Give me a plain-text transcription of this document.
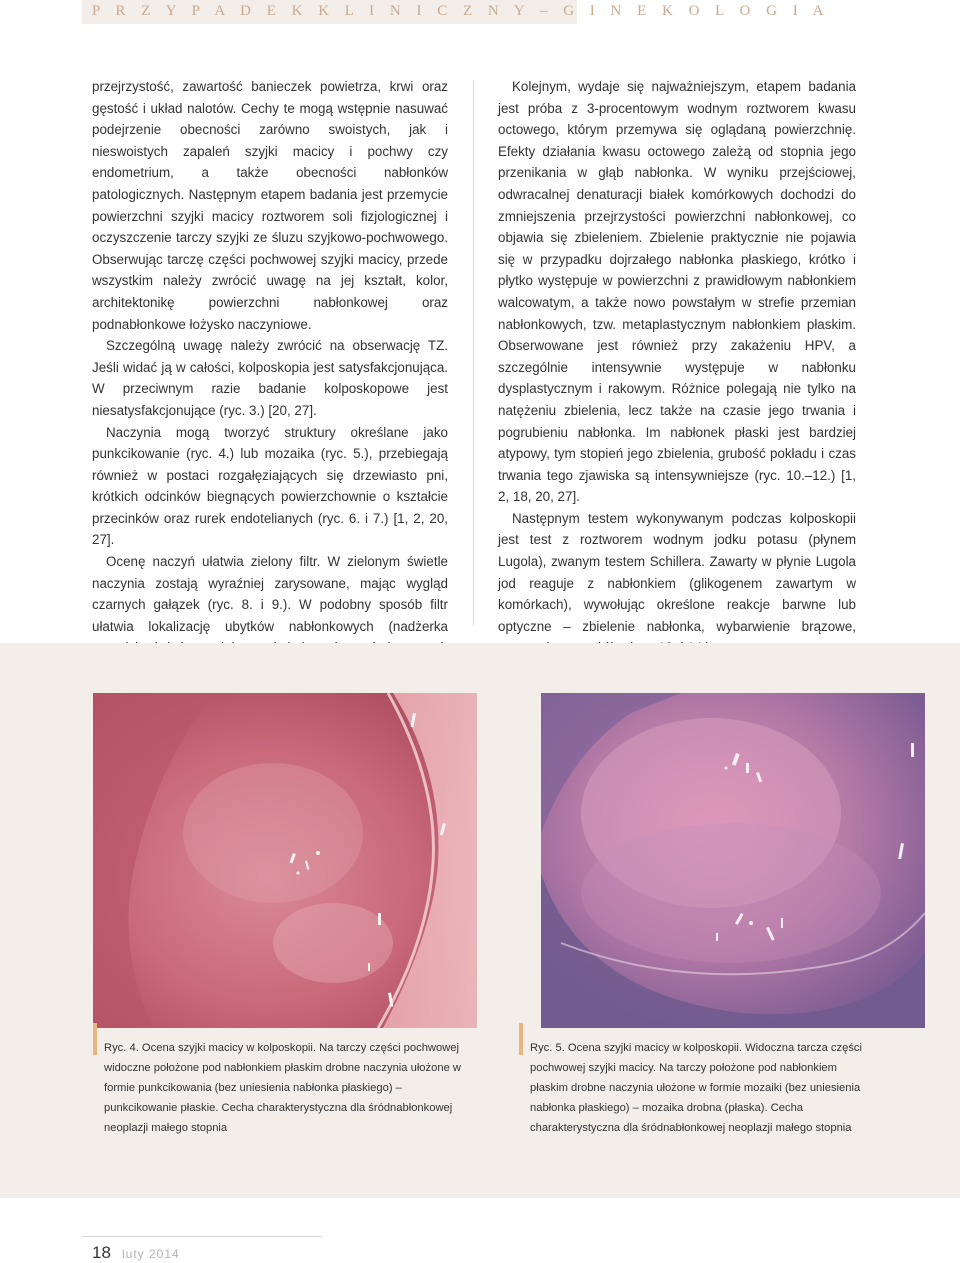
P R Z Y P A D E K K L I N I C Z N Y – G I N E K O L O G I A

przejrzystość, zawartość banieczek powietrza, krwi oraz gęstość i układ nalotów. Cechy te mogą wstępnie nasuwać podejrzenie obecności zarówno swoistych, jak i nieswoistych zapaleń szyjki macicy i pochwy czy endometrium, a także obecności nabłonków patologicznych. Następnym etapem badania jest przemycie powierzchni szyjki macicy roztworem soli fizjologicznej i oczyszczenie tarczy szyjki ze śluzu szyjkowo-pochwowego. Obserwując tarczę części pochwowej szyjki macicy, przede wszystkim należy zwrócić uwagę na jej kształt, kolor, architektonikę powierzchni nabłonkowej oraz podnabłonkowe łożysko naczyniowe.

Szczególną uwagę należy zwrócić na obserwację TZ. Jeśli widać ją w całości, kolposkopia jest satysfakcjonująca. W przeciwnym razie badanie kolposkopowe jest niesatysfakcjonujące (ryc. 3.) [20, 27].

Naczynia mogą tworzyć struktury określane jako punkcikowanie (ryc. 4.) lub mozaika (ryc. 5.), przebiegają również w postaci rozgałęziających się drzewiasto pni, krótkich odcinków biegnących powierzchownie o kształcie przecinków oraz rurek endotelianych (ryc. 6. i 7.) [1, 2, 20, 27].

Ocenę naczyń ułatwia zielony filtr. W zielonym świetle naczynia zostają wyraźniej zarysowane, mając wygląd czarnych gałązek (ryc. 8. i 9.). W podobny sposób filtr ułatwia lokalizację ubytków nabłonkowych (nadżerka

Kolejnym, wydaje się najważniejszym, etapem badania jest próba z 3-procentowym wodnym roztworem kwasu octowego, którym przemywa się oglądaną powierzchnię. Efekty działania kwasu octowego zależą od stopnia jego przenikania w głąb nabłonka. W wyniku przejściowej, odwracalnej denaturacji białek komórkowych dochodzi do zmniejszenia przejrzystości powierzchni nabłonkowej, co objawia się zbieleniem. Zbielenie praktycznie nie pojawia się w przypadku dojrzałego nabłonka płaskiego, krótko i płytko występuje w powierzchni z prawidłowym nabłonkiem walcowatym, a także nowo powstałym w strefie przemian nabłonkowych, tzw. metaplastycznym nabłonkiem płaskim. Obserwowane jest również przy zakażeniu HPV, a szczególnie intensywnie występuje w nabłonku dysplastycznym i rakowym. Różnice polegają nie tylko na natężeniu zbielenia, lecz także na czasie jego trwania i pogrubieniu nabłonka. Im nabłonek płaski jest bardziej atypowy, tym stopień jego zbielenia, grubość pokładu i czas trwania tego zjawiska są intensywniejsze (ryc. 10.–12.) [1, 2, 18, 20, 27].

Następnym testem wykonywanym podczas kolposkopii jest test z roztworem wodnym jodku potasu (płynem Lugola), zwanym testem Schillera. Zawarty w płynie Lugola jod reaguje z nabłonkiem (glikogenem zawartym w komórkach), wywołując określone reakcje barwne lub optyczne – zbielenie nabłonka, wybarwienie brązowe,

Ryc. 4. Ocena szyjki macicy w kolposkopii. Na tarczy części pochwowej widoczne położone pod nabłonkiem płaskim drobne naczynia ułożone w formie punkcikowania (bez uniesienia nabłonka płaskiego) – punkcikowanie płaskie. Cecha charakterystyczna dla śródnabłonkowej neoplazji małego stopnia
Ryc. 5. Ocena szyjki macicy w kolposkopii. Widoczna tarcza części pochwowej szyjki macicy. Na tarczy położone pod nabłonkiem płaskim drobne naczynia ułożone w formie mozaiki (bez uniesienia nabłonka płaskiego) – mozaika drobna (płaska). Cecha charakterystyczna dla śródnabłonkowej neoplazji małego stopnia
18 luty 2014
